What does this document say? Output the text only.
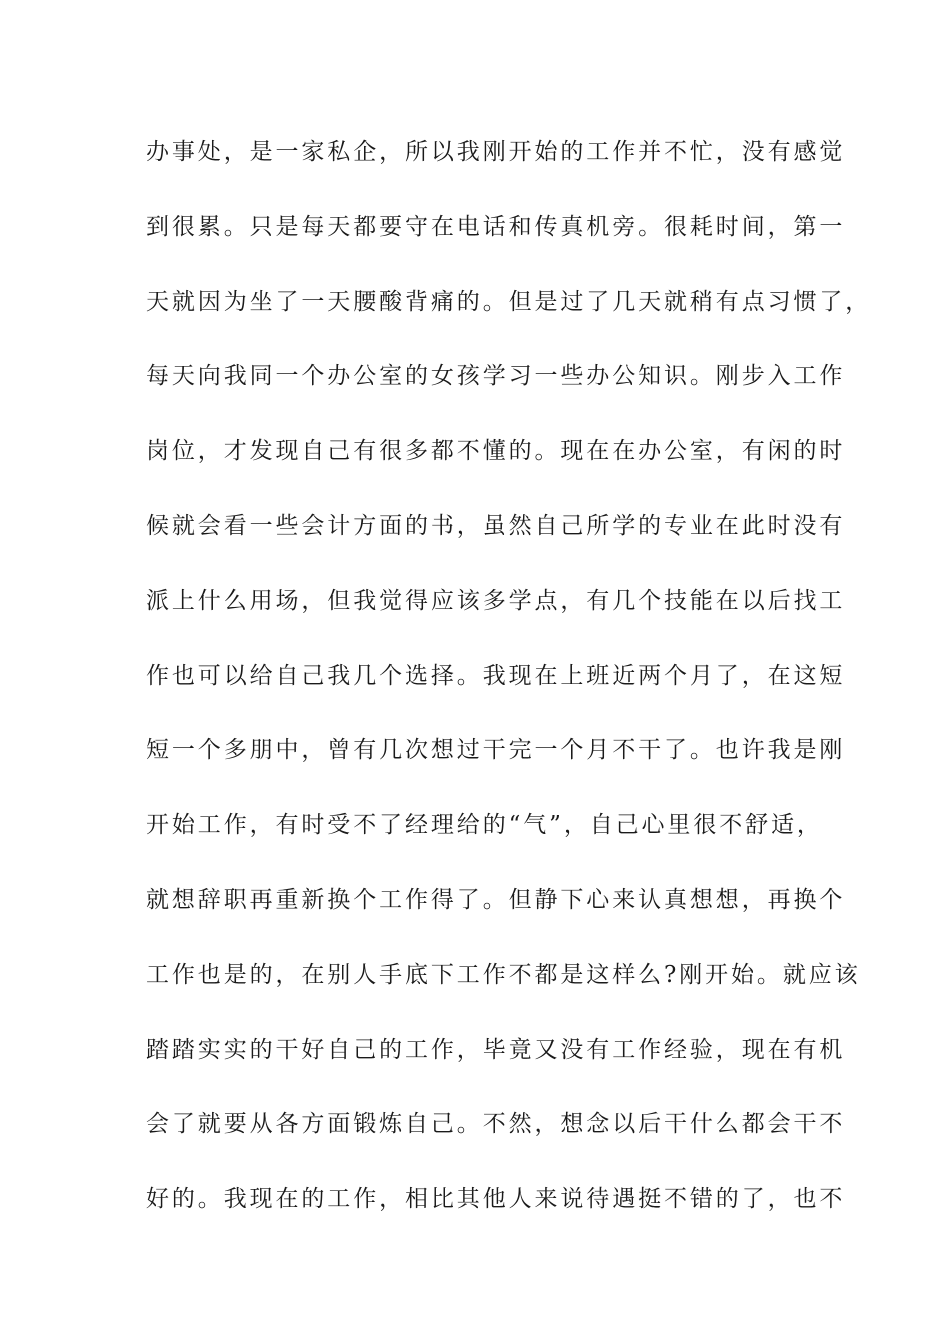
办事处，是一家私企，所以我刚开始的工作并不忙，没有感觉
到很累。只是每天都要守在电话和传真机旁。很耗时间，第一
天就因为坐了一天腰酸背痛的。但是过了几天就稍有点习惯了，
每天向我同一个办公室的女孩学习一些办公知识。刚步入工作
岗位，才发现自己有很多都不懂的。现在在办公室，有闲的时
候就会看一些会计方面的书，虽然自己所学的专业在此时没有
派上什么用场，但我觉得应该多学点，有几个技能在以后找工
作也可以给自己我几个选择。我现在上班近两个月了，在这短
短一个多朋中，曾有几次想过干完一个月不干了。也许我是刚
开始工作，有时受不了经理给的“气”，自己心里很不舒适，
就想辞职再重新换个工作得了。但静下心来认真想想，再换个
工作也是的，在别人手底下工作不都是这样么?刚开始。就应该
踏踏实实的干好自己的工作，毕竟又没有工作经验，现在有机
会了就要从各方面锻炼自己。不然，想念以后干什么都会干不
好的。我现在的工作，相比其他人来说待遇挺不错的了，也不
